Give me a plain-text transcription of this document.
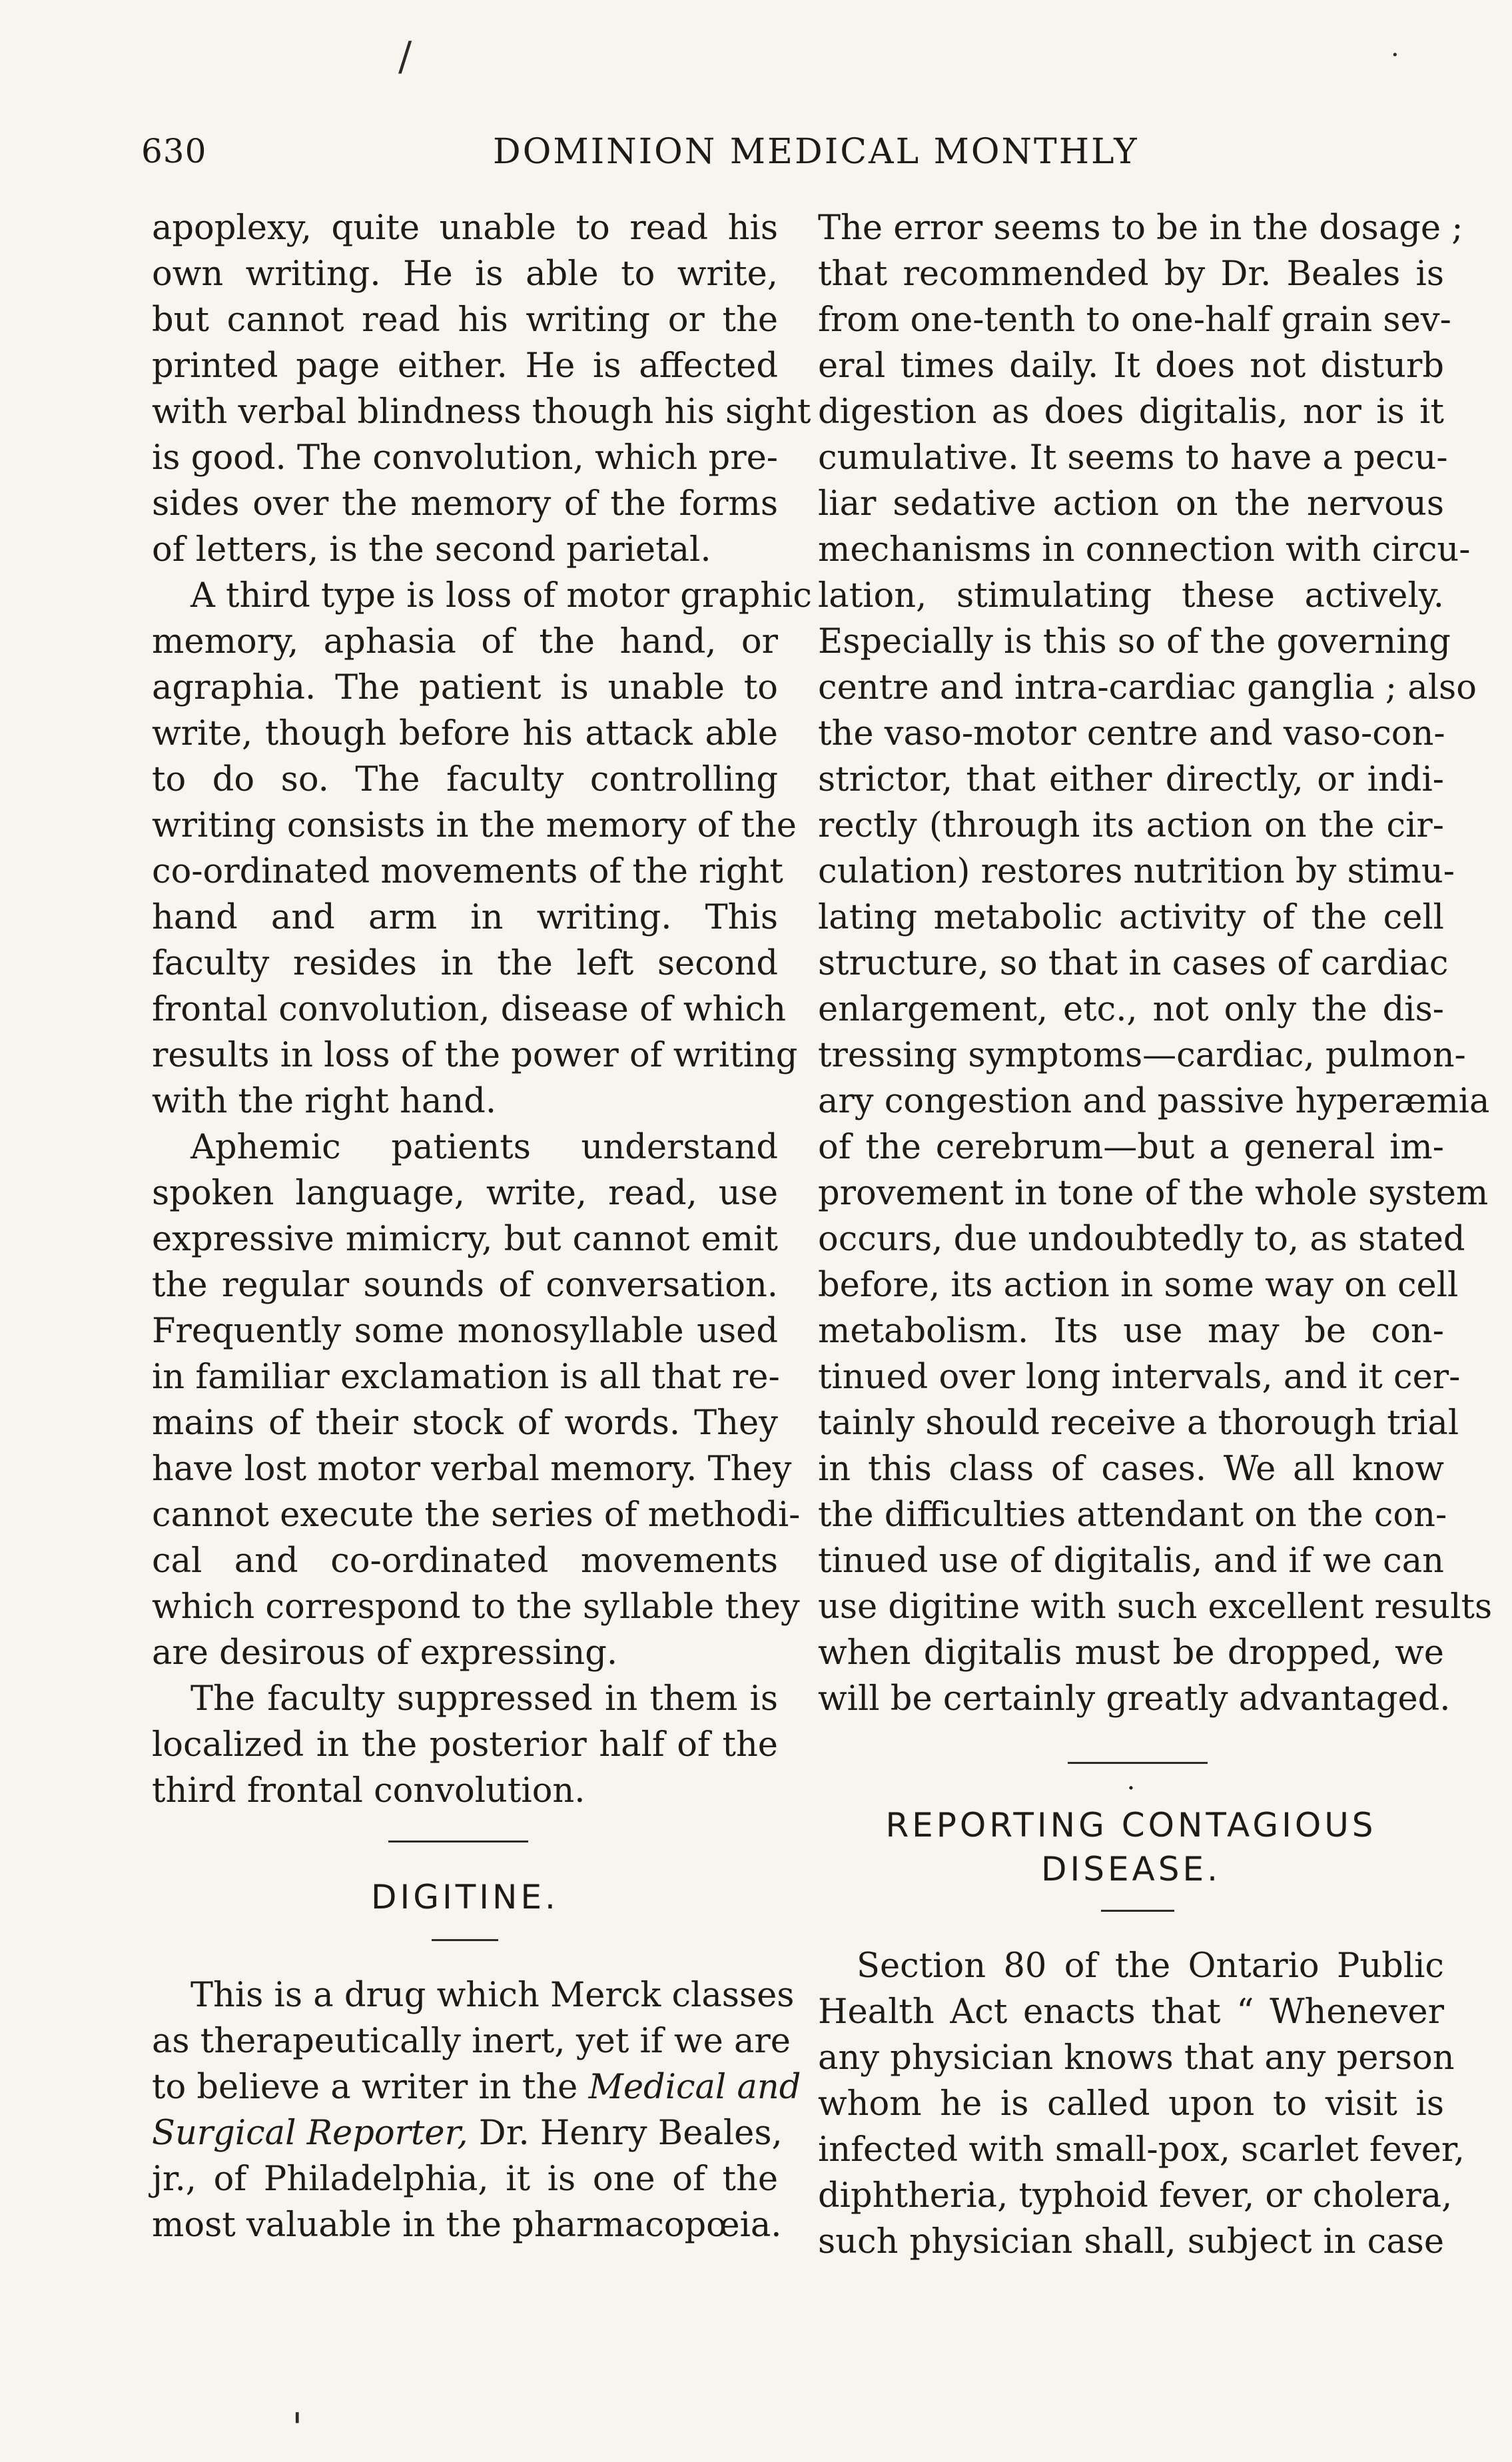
/	·
'
630	DOMINION MEDICAL MONTHLY
apoplexy, quite unable to read his
own writing. He is able to write,
but cannot read his writing or the
printed page either. He is affected
with verbal blindness though his sight
is good. The convolution, which pre-
sides over the memory of the forms
of letters, is the second parietal.
A third type is loss of motor graphic
memory, aphasia of the hand, or
agraphia. The patient is unable to
write, though before his attack able
to do so. The faculty controlling
writing consists in the memory of the
co-ordinated movements of the right
hand and arm in writing. This
faculty resides in the left second
frontal convolution, disease of which
results in loss of the power of writing
with the right hand.
Aphemic patients understand
spoken language, write, read, use
expressive mimicry, but cannot emit
the regular sounds of conversation.
Frequently some monosyllable used
in familiar exclamation is all that re-
mains of their stock of words. They
have lost motor verbal memory. They
cannot execute the series of methodi-
cal and co-ordinated movements
which correspond to the syllable they
are desirous of expressing.
The faculty suppressed in them is
localized in the posterior half of the
third frontal convolution.
DIGITINE.
This is a drug which Merck classes
as therapeutically inert, yet if we are
to believe a writer in the Medical and
Surgical Reporter, Dr. Henry Beales,
jr., of Philadelphia, it is one of the
most valuable in the pharmacopœia.
The error seems to be in the dosage ;
that recommended by Dr. Beales is
from one-tenth to one-half grain sev-
eral times daily. It does not disturb
digestion as does digitalis, nor is it
cumulative. It seems to have a pecu-
liar sedative action on the nervous
mechanisms in connection with circu-
lation, stimulating these actively.
Especially is this so of the governing
centre and intra-cardiac ganglia ; also
the vaso-motor centre and vaso-con-
strictor, that either directly, or indi-
rectly (through its action on the cir-
culation) restores nutrition by stimu-
lating metabolic activity of the cell
structure, so that in cases of cardiac
enlargement, etc., not only the dis-
tressing symptoms—cardiac, pulmon-
ary congestion and passive hyperæmia
of the cerebrum—but a general im-
provement in tone of the whole system
occurs, due undoubtedly to, as stated
before, its action in some way on cell
metabolism. Its use may be con-
tinued over long intervals, and it cer-
tainly should receive a thorough trial
in this class of cases. We all know
the difficulties attendant on the con-
tinued use of digitalis, and if we can
use digitine with such excellent results
when digitalis must be dropped, we
will be certainly greatly advantaged.
·
REPORTING CONTAGIOUS
DISEASE.
Section 80 of the Ontario Public
Health Act enacts that “ Whenever
any physician knows that any person
whom he is called upon to visit is
infected with small-pox, scarlet fever,
diphtheria, typhoid fever, or cholera,
such physician shall, subject in case
